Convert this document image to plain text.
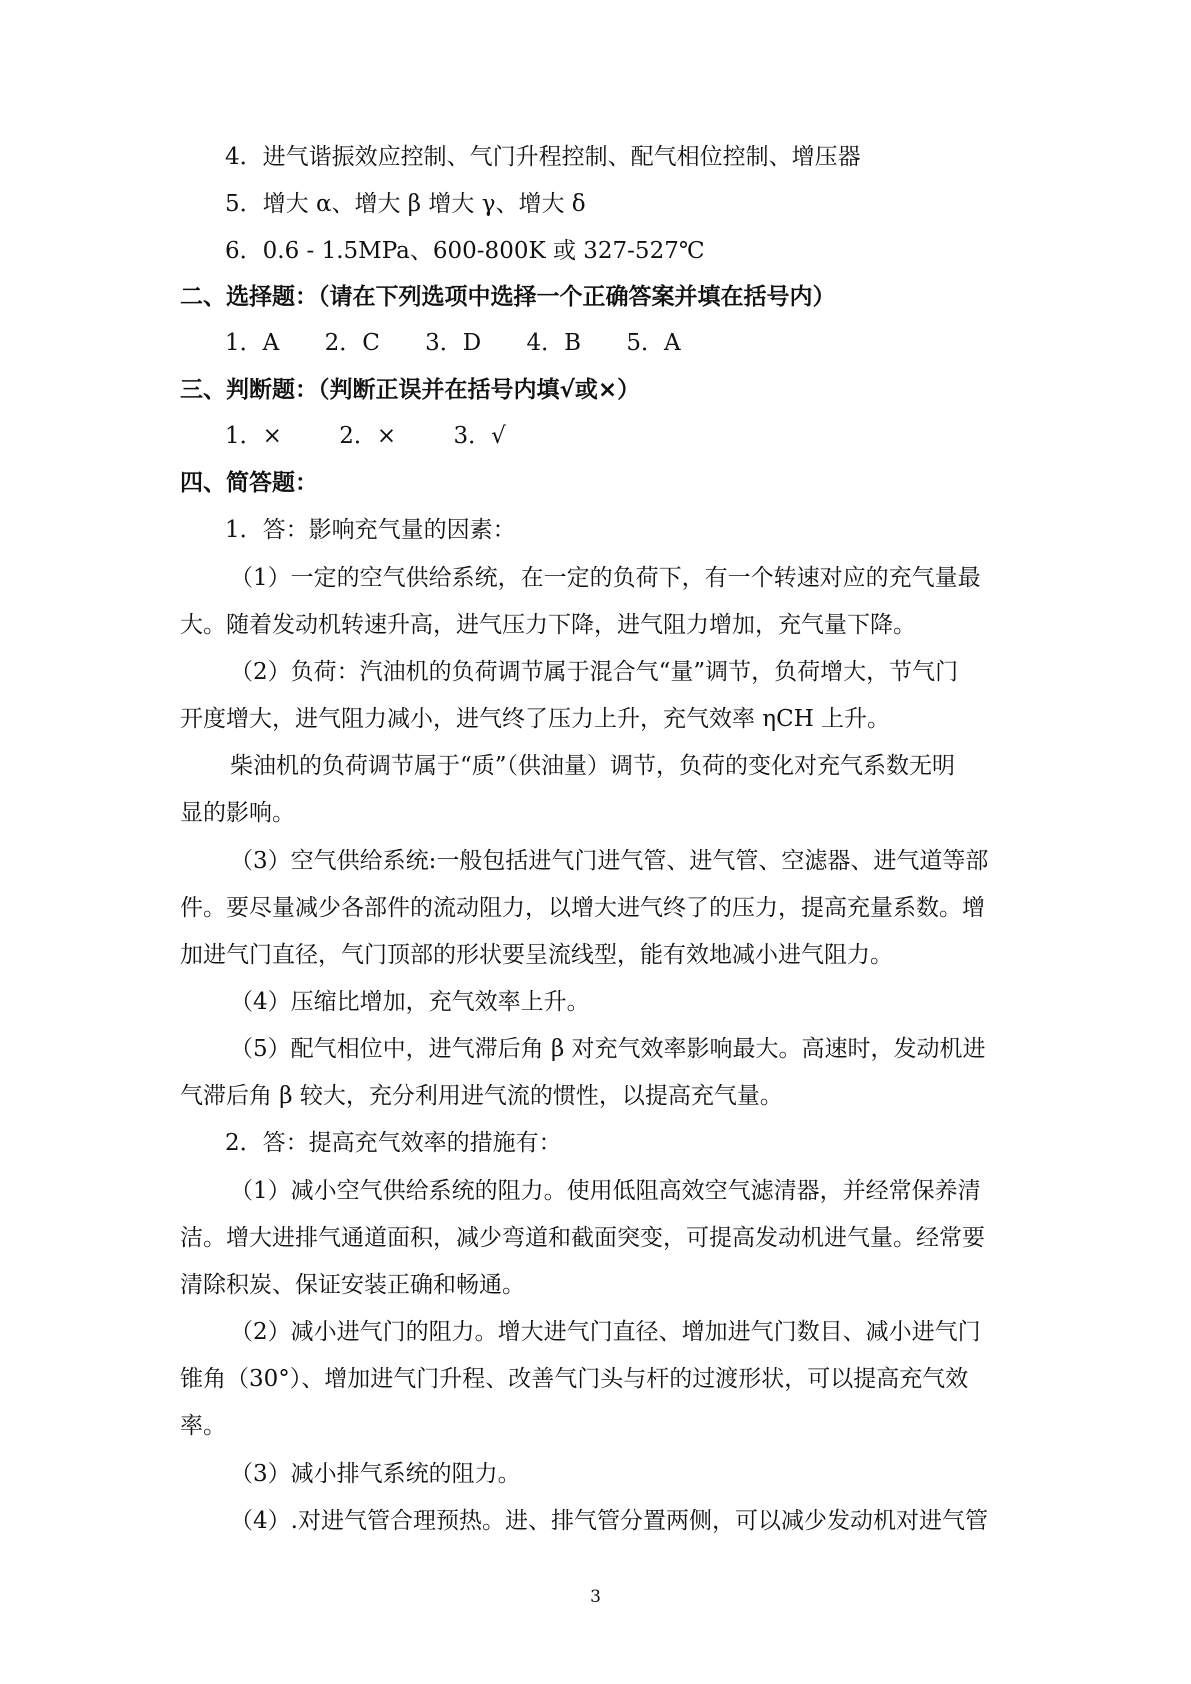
4．进气谐振效应控制、气门升程控制、配气相位控制、增压器
5．增大 α、增大 β 增大 γ、增大 δ
6．0.6 - 1.5MPa、600-800K 或 327-527℃
二、选择题：（请在下列选项中选择一个正确答案并填在括号内）
1．A 2．C 3．D 4．B 5．A
三、判断题：（判断正误并在括号内填√或×）
1．× 2．× 3．√
四、简答题：
1．答：影响充气量的因素：
（1）一定的空气供给系统，在一定的负荷下，有一个转速对应的充气量最
大。随着发动机转速升高，进气压力下降，进气阻力增加，充气量下降。
（2）负荷：汽油机的负荷调节属于混合气“量”调节，负荷增大，节气门
开度增大，进气阻力减小，进气终了压力上升，充气效率 ηCH 上升。
柴油机的负荷调节属于“质”（供油量）调节，负荷的变化对充气系数无明
显的影响。
（3）空气供给系统:一般包括进气门进气管、进气管、空滤器、进气道等部
件。要尽量减少各部件的流动阻力，以增大进气终了的压力，提高充量系数。增
加进气门直径，气门顶部的形状要呈流线型，能有效地减小进气阻力。
（4）压缩比增加，充气效率上升。
（5）配气相位中，进气滞后角 β 对充气效率影响最大。高速时，发动机进
气滞后角 β 较大，充分利用进气流的惯性，以提高充气量。
2．答：提高充气效率的措施有：
（1）减小空气供给系统的阻力。使用低阻高效空气滤清器，并经常保养清
洁。增大进排气通道面积，减少弯道和截面突变，可提高发动机进气量。经常要
清除积炭、保证安装正确和畅通。
（2）减小进气门的阻力。增大进气门直径、增加进气门数目、减小进气门
锥角（30°）、增加进气门升程、改善气门头与杆的过渡形状，可以提高充气效
率。
（3）减小排气系统的阻力。
（4）.对进气管合理预热。进、排气管分置两侧，可以减少发动机对进气管
3
